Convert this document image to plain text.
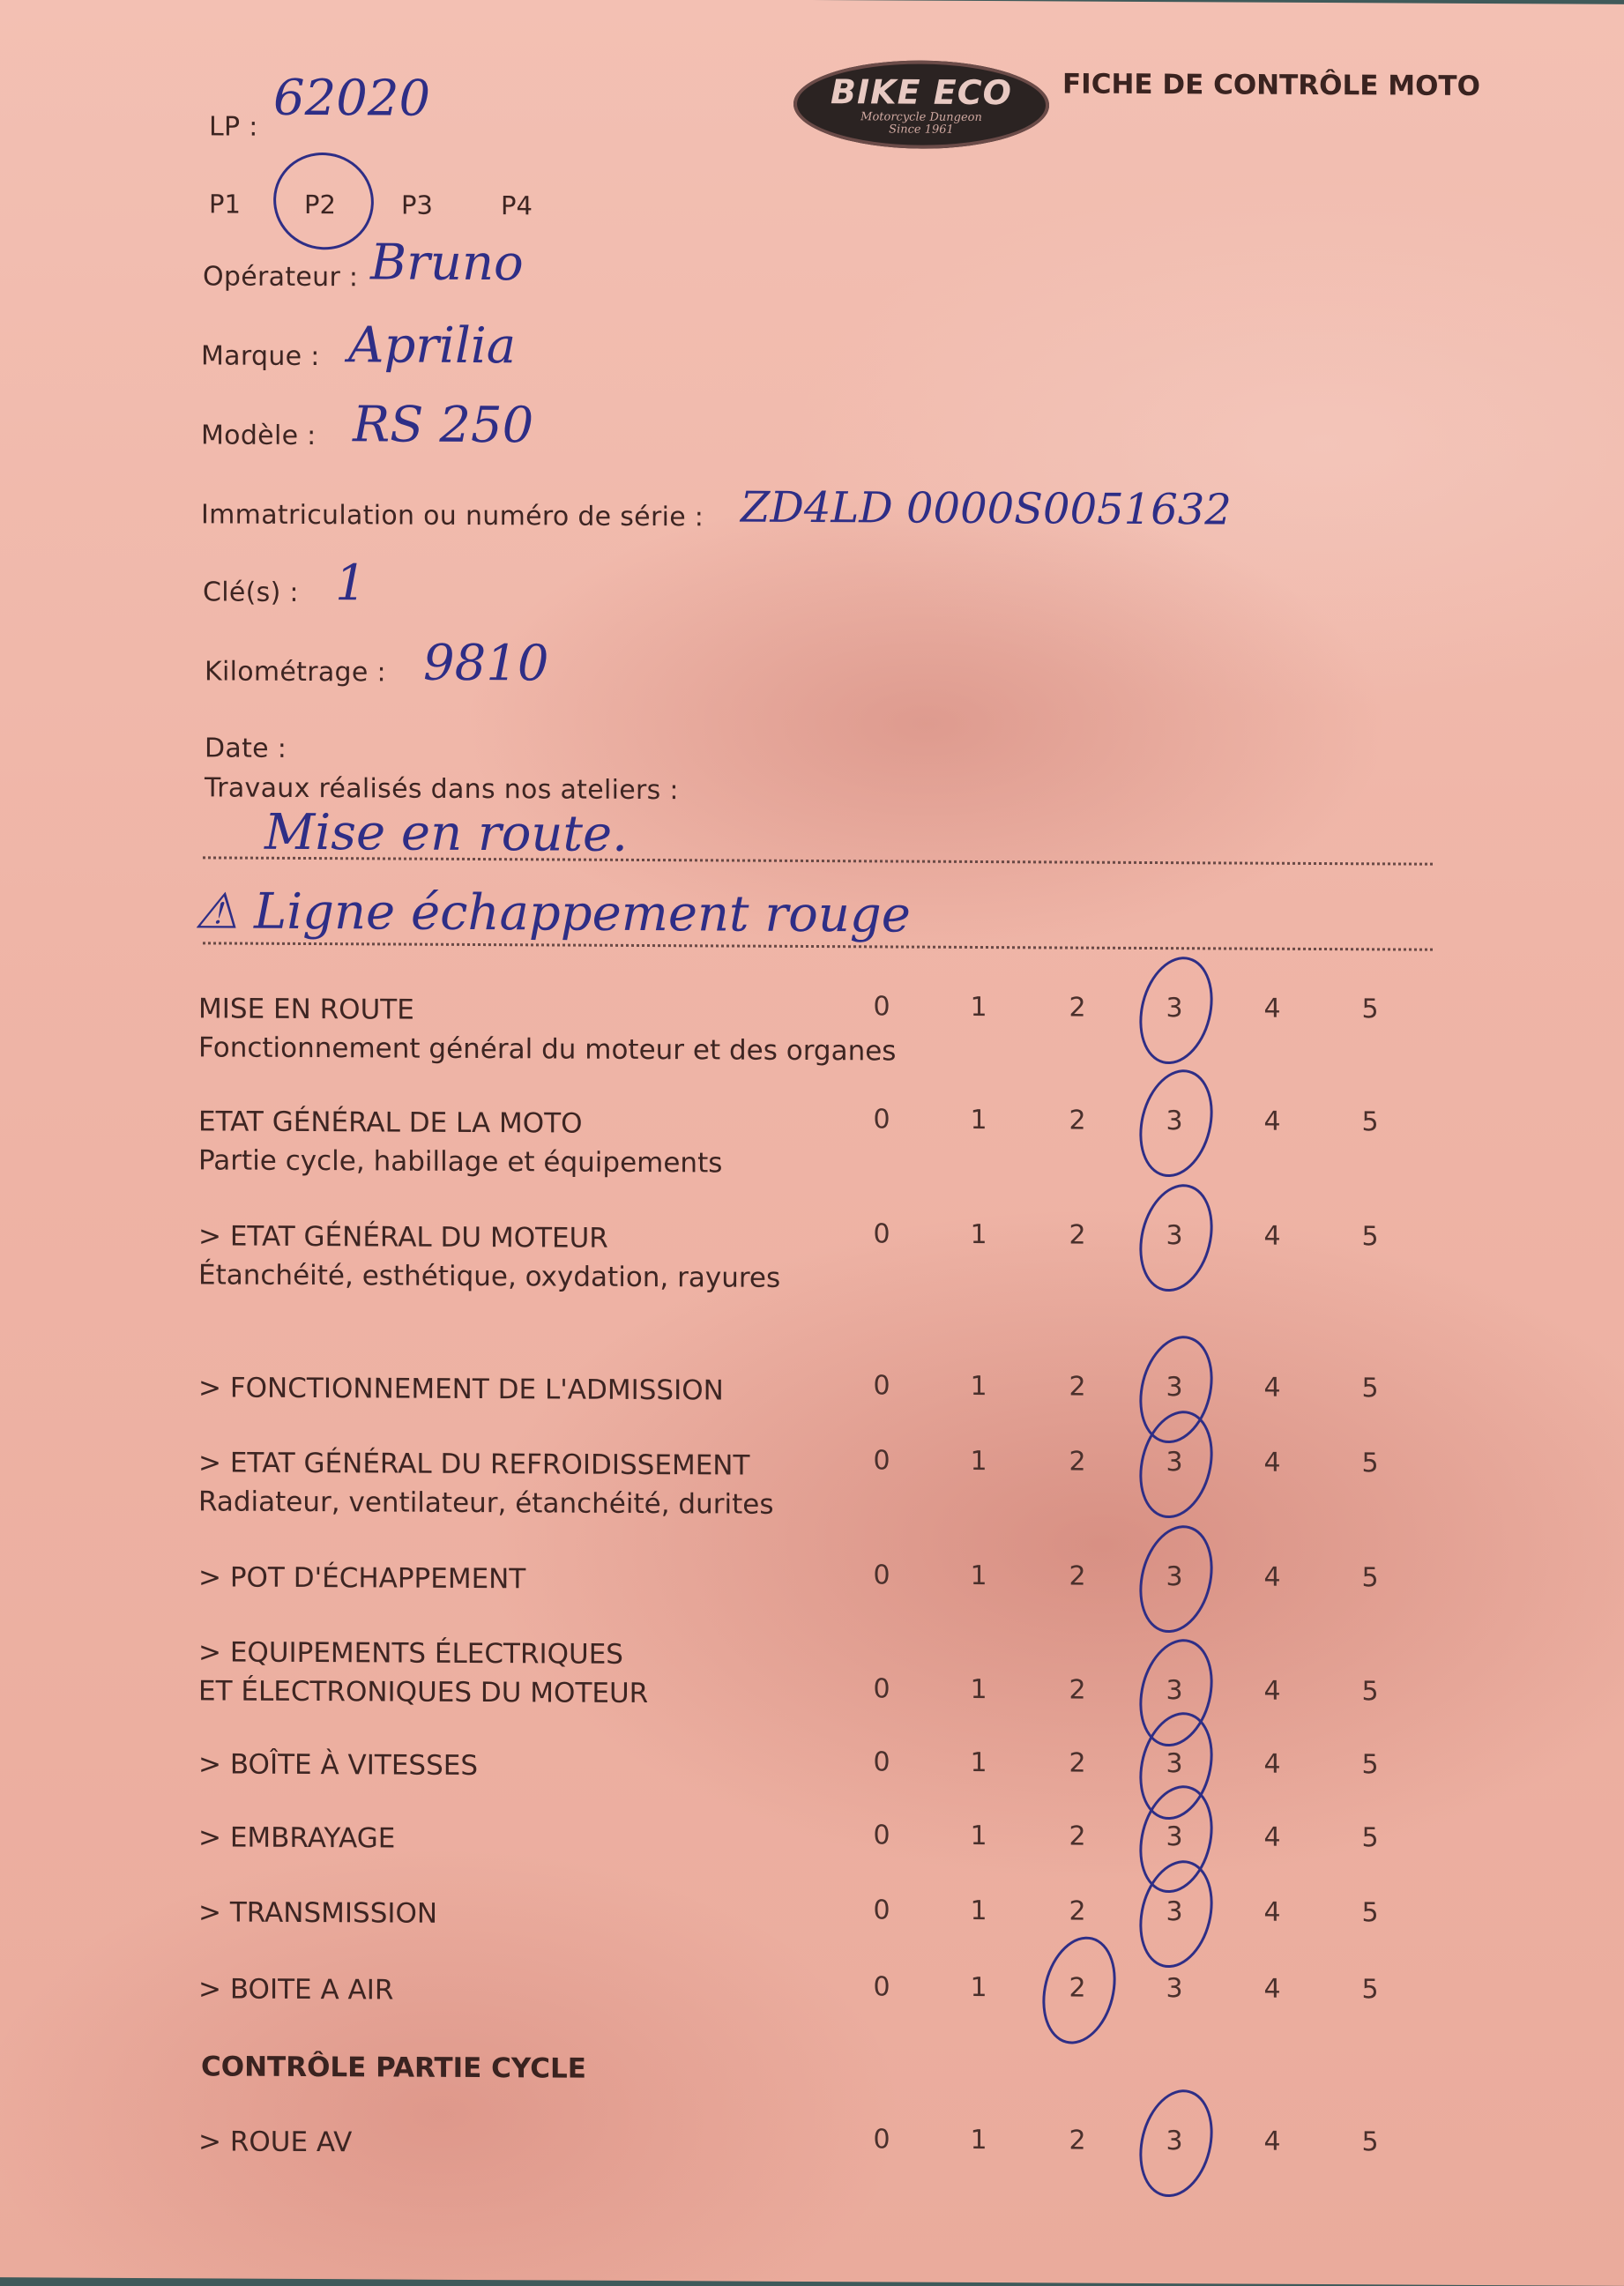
BIKE ECO
Motorcycle Dungeon
Since 1961
FICHE DE CONTRÔLE MOTO
LP : 62020
P1 P2	P3	P4
Opérateur : Bruno
Marque : Aprilia
Modèle : RS 250
Immatriculation ou numéro de série : ZD4LD 0000S0051632
Clé(s) : 1
Kilométrage : 9810
Date :
Travaux réalisés dans nos ateliers :
Mise en route.
⚠ Ligne échappement rouge
MISE EN ROUTE
Fonctionnement général du moteur et des organes
0	1	2	3	4	5
ETAT GÉNÉRAL DE LA MOTO
Partie cycle, habillage et équipements
0	1	2	3	4	5
> ETAT GÉNÉRAL DU MOTEUR
Étanchéité, esthétique, oxydation, rayures
0	1	2	3	4	5
> FONCTIONNEMENT DE L'ADMISSION	0	1	2	3	4	5
> ETAT GÉNÉRAL DU REFROIDISSEMENT
Radiateur, ventilateur, étanchéité, durites
0	1	2	3	4	5
> POT D'ÉCHAPPEMENT	0	1	2	3	4	5
> EQUIPEMENTS ÉLECTRIQUES
ET ÉLECTRONIQUES DU MOTEUR	0	1	2	3	4	5
> BOÎTE À VITESSES	0	1	2	3	4	5
> EMBRAYAGE	0	1	2	3	4	5
> TRANSMISSION	0	1	2	3	4	5
> BOITE A AIR	0	1	2	3	4	5
CONTRÔLE PARTIE CYCLE
> ROUE AV	0	1	2	3	4	5
